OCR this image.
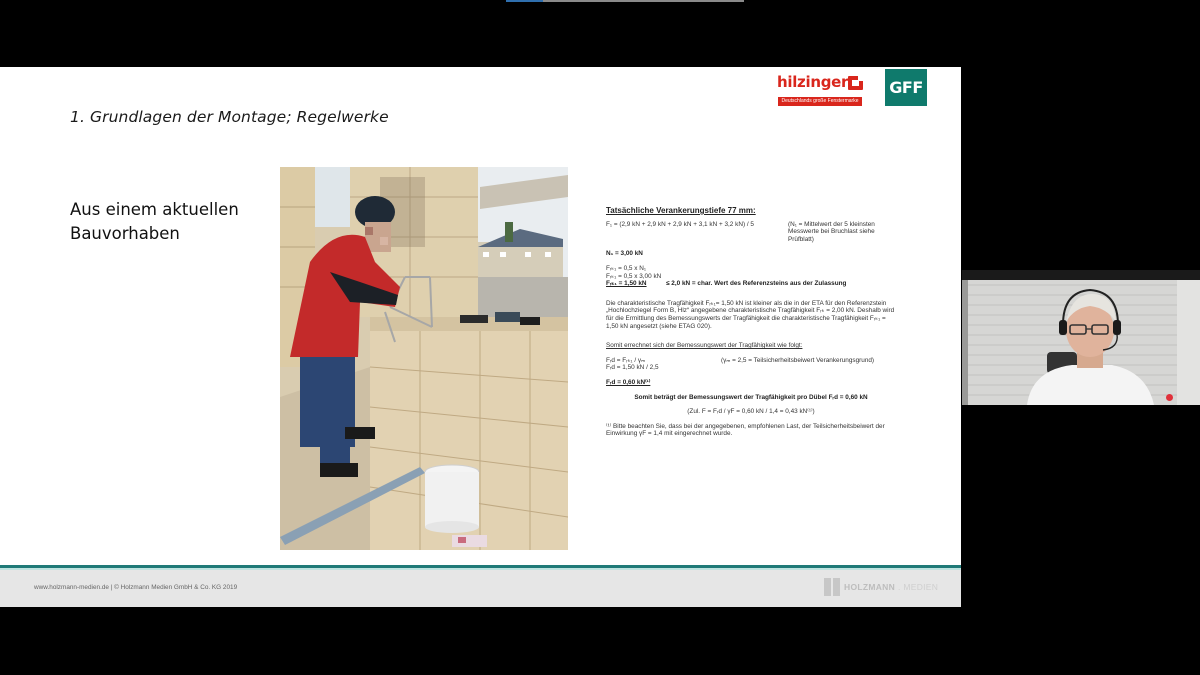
1. Grundlagen der Montage; Regelwerke
hilzinger
Deutschlands große Fenstermarke
GFF
Aus einem aktuellen Bauvorhaben
Tatsächliche Verankerungstiefe 77 mm:
F₁ = (2,9 kN + 2,9 kN + 2,9 kN + 3,1 kN + 3,2 kN) / 5	(N₁ = Mittelwert der 5 kleinsten Messwerte bei Bruchlast siehe Prüfblatt)

N₁ = 3,00 kN

Fᵣₖ₁ = 0,5 x N₁

Fᵣₖ₁ = 0,5 x 3,00 kN

Fᵣₖ₁ = 1,50 kN	≤ 2,0 kN = char. Wert des Referenzsteins aus der Zulassung

Die charakteristische Tragfähigkeit Fᵣₖ₁= 1,50 kN ist kleiner als die in der ETA für den Referenzstein „Hochlochziegel Form B, Hlz“ angegebene charakteristische Tragfähigkeit Fᵣₖ = 2,00 kN. Deshalb wird für die Ermittlung des Bemessungswerts der Tragfähigkeit die charakteristische Tragfähigkeit Fᵣₖ₁ = 1,50 kN angesetzt (siehe ETAG 020).

Somit errechnet sich der Bemessungswert der Tragfähigkeit wie folgt:

Fᵣd = Fᵣₖ₁ / γₘ	(γₘ = 2,5 = Teilsicherheitsbeiwert Verankerungsgrund)

Fᵣd = 1,50 kN / 2,5

Fᵣd = 0,60 kN⁽¹⁾

Somit beträgt der Bemessungswert der Tragfähigkeit pro Dübel Fᵣd = 0,60 kN

(Zul. F = Fᵣd / γF = 0,60 kN / 1,4 = 0,43 kN⁽¹⁾)

⁽¹⁾ Bitte beachten Sie, dass bei der angegebenen, empfohlenen Last, der Teilsicherheitsbeiwert der Einwirkung γF = 1,4 mit eingerechnet wurde.

www.holzmann-medien.de | © Holzmann Medien GmbH & Co. KG 2019	HOLZMANN . MEDIEN
